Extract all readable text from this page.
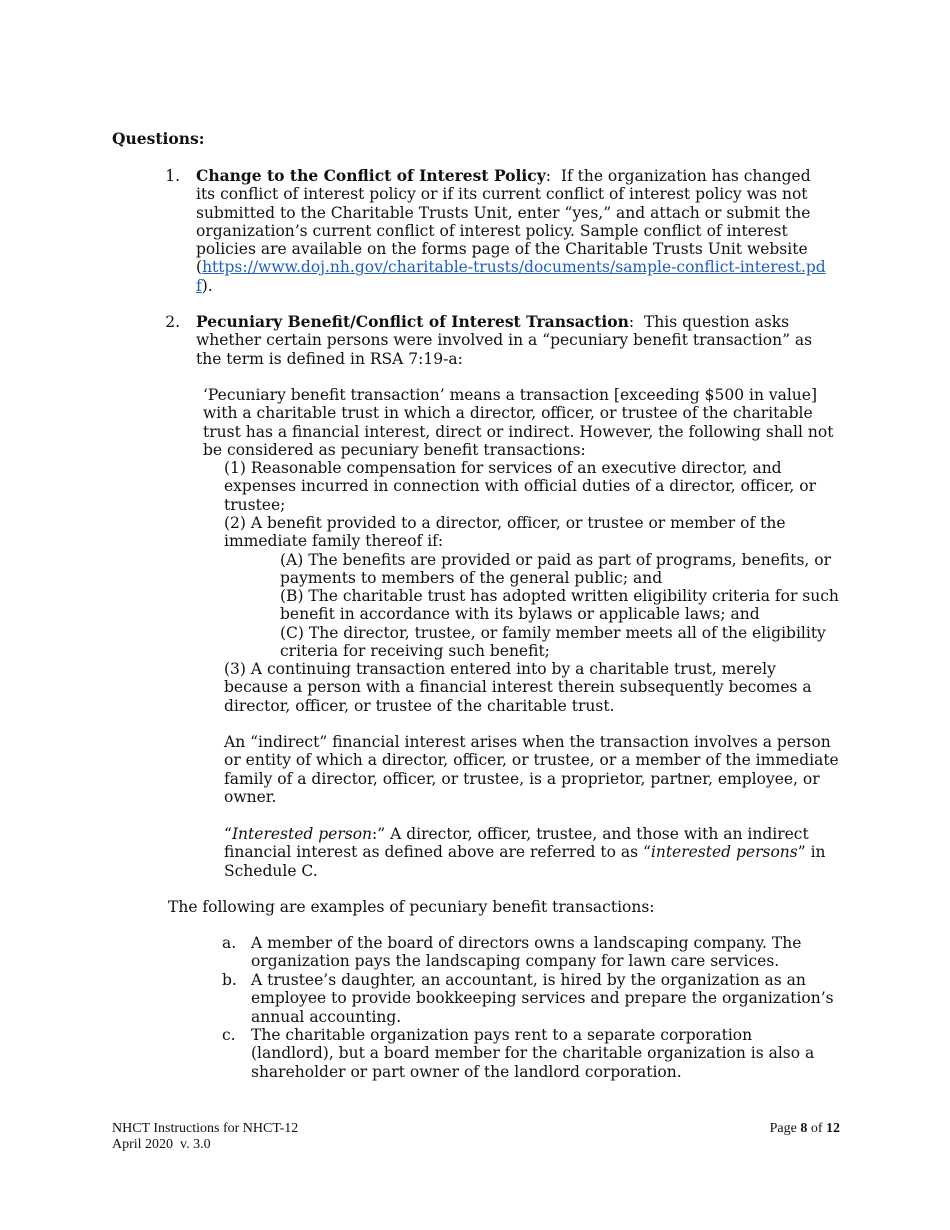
Questions:
1. Change to the Conflict of Interest Policy:  If the organization has changed its conflict of interest policy or if its current conflict of interest policy was not submitted to the Charitable Trusts Unit, enter “yes,” and attach or submit the organization’s current conflict of interest policy. Sample conflict of interest policies are available on the forms page of the Charitable Trusts Unit website (https://www.doj.nh.gov/charitable-trusts/documents/sample-conflict-interest.pdf).
2. Pecuniary Benefit/Conflict of Interest Transaction:  This question asks whether certain persons were involved in a “pecuniary benefit transaction” as the term is defined in RSA 7:19-a:

‘Pecuniary benefit transaction’ means a transaction [exceeding $500 in value] with a charitable trust in which a director, officer, or trustee of the charitable trust has a financial interest, direct or indirect. However, the following shall not be considered as pecuniary benefit transactions:

(1) Reasonable compensation for services of an executive director, and expenses incurred in connection with official duties of a director, officer, or trustee;

(2) A benefit provided to a director, officer, or trustee or member of the immediate family thereof if:

(A) The benefits are provided or paid as part of programs, benefits, or payments to members of the general public; and

(B) The charitable trust has adopted written eligibility criteria for such benefit in accordance with its bylaws or applicable laws; and

(C) The director, trustee, or family member meets all of the eligibility criteria for receiving such benefit;

(3) A continuing transaction entered into by a charitable trust, merely because a person with a financial interest therein subsequently becomes a director, officer, or trustee of the charitable trust.

An “indirect” financial interest arises when the transaction involves a person or entity of which a director, officer, or trustee, or a member of the immediate family of a director, officer, or trustee, is a proprietor, partner, employee, or owner.

“Interested person:” A director, officer, trustee, and those with an indirect financial interest as defined above are referred to as “interested persons” in Schedule C.

The following are examples of pecuniary benefit transactions:

a. A member of the board of directors owns a landscaping company. The organization pays the landscaping company for lawn care services.

b. A trustee’s daughter, an accountant, is hired by the organization as an employee to provide bookkeeping services and prepare the organization’s annual accounting.

c. The charitable organization pays rent to a separate corporation (landlord), but a board member for the charitable organization is also a shareholder or part owner of the landlord corporation.

NHCT Instructions for NHCT-12
April 2020  v. 3.0
Page 8 of 12
